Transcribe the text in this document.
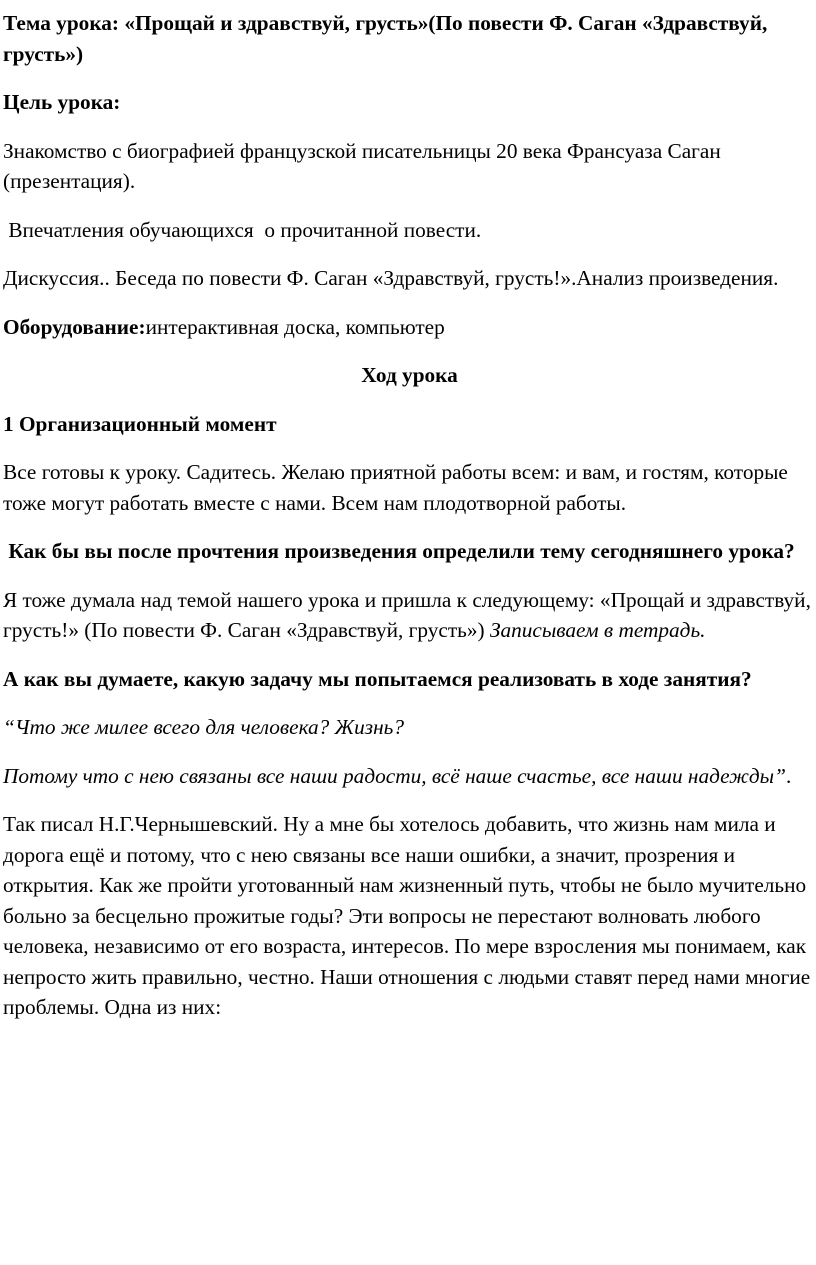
Тема урока: «Прощай и здравствуй, грусть»(По повести Ф. Саган «Здравствуй, грусть»)

Цель урока:

Знакомство с биографией французской писательницы 20 века Франсуаза Саган (презентация).

Впечатления обучающихся  о прочитанной повести.

Дискуссия.. Беседа по повести Ф. Саган «Здравствуй, грусть!».Анализ произведения.

Оборудование:интерактивная доска, компьютер

Ход урока

1 Организационный момент

Все готовы к уроку. Садитесь. Желаю приятной работы всем: и вам, и гостям, которые тоже могут работать вместе с нами. Всем нам плодотворной работы.

Как бы вы после прочтения произведения определили тему сегодняшнего урока?

Я тоже думала над темой нашего урока и пришла к следующему: «Прощай и здравствуй, грусть!» (По повести Ф. Саган «Здравствуй, грусть») Записываем в тетрадь.

А как вы думаете, какую задачу мы попытаемся реализовать в ходе занятия?

“Что же милее всего для человека? Жизнь?

Потому что с нею связаны все наши радости, всё наше счастье, все наши надежды”.

Так писал Н.Г.Чернышевский. Ну а мне бы хотелось добавить, что жизнь нам мила и дорога ещё и потому, что с нею связаны все наши ошибки, а значит, прозрения и открытия. Как же пройти уготованный нам жизненный путь, чтобы не было мучительно больно за бесцельно прожитые годы? Эти вопросы не перестают волновать любого человека, независимо от его возраста, интересов. По мере взросления мы понимаем, как непросто жить правильно, честно. Наши отношения с людьми ставят перед нами многие проблемы. Одна из них:
